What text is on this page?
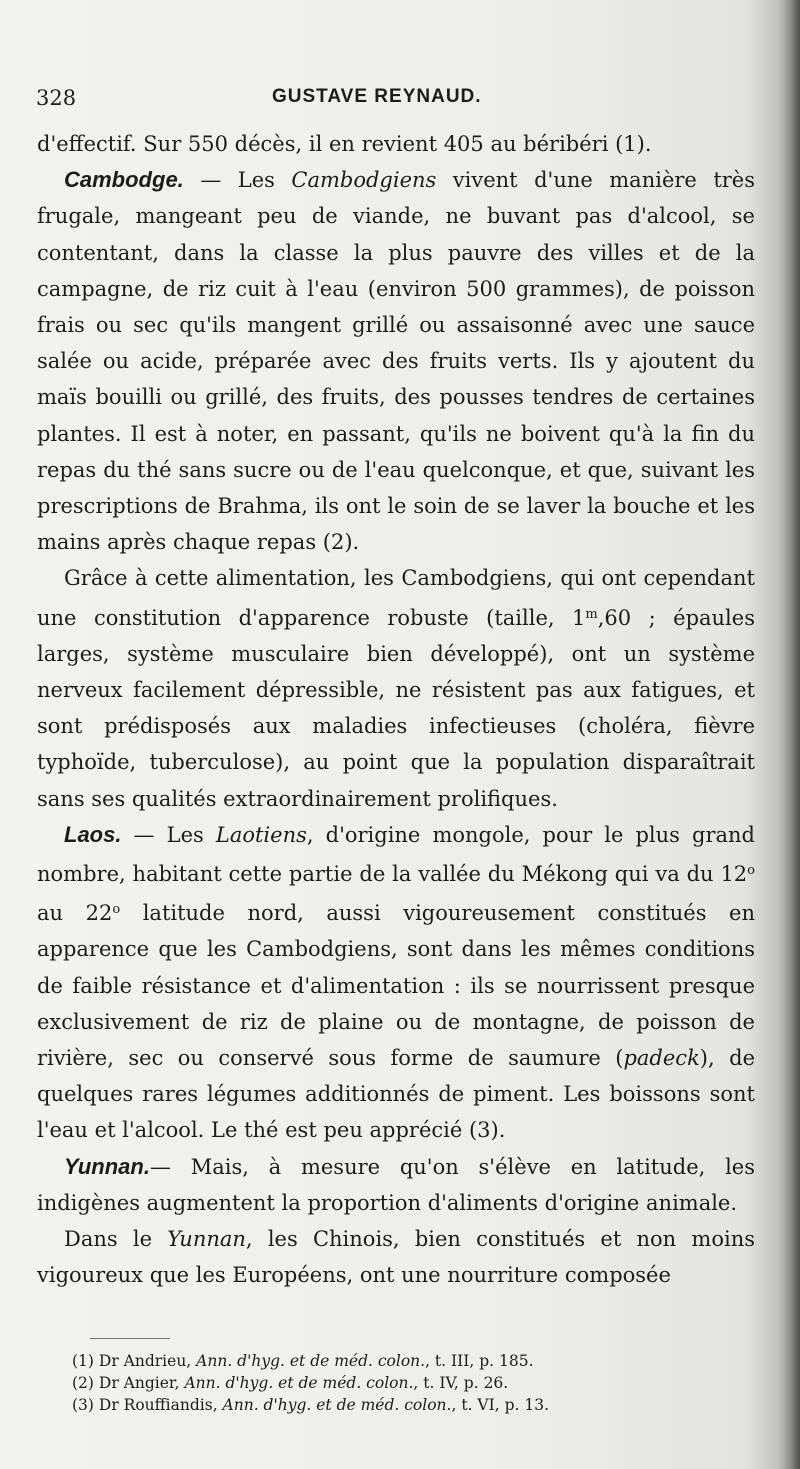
328	GUSTAVE REYNAUD.

d'effectif. Sur 550 décès, il en revient 405 au béribéri (1).

Cambodge. — Les Cambodgiens vivent d'une manière très frugale, mangeant peu de viande, ne buvant pas d'alcool, se contentant, dans la classe la plus pauvre des villes et de la campagne, de riz cuit à l'eau (environ 500 grammes), de poisson frais ou sec qu'ils mangent grillé ou assaisonné avec une sauce salée ou acide, préparée avec des fruits verts. Ils y ajoutent du maïs bouilli ou grillé, des fruits, des pousses tendres de certaines plantes. Il est à noter, en passant, qu'ils ne boivent qu'à la fin du repas du thé sans sucre ou de l'eau quelconque, et que, suivant les prescriptions de Brahma, ils ont le soin de se laver la bouche et les mains après chaque repas (2).

Grâce à cette alimentation, les Cambodgiens, qui ont cependant une constitution d'apparence robuste (taille, 1$^m$,60 ; épaules larges, système musculaire bien développé), ont un système nerveux facilement dépressible, ne résistent pas aux fatigues, et sont prédisposés aux maladies infectieuses (choléra, fièvre typhoïde, tuberculose), au point que la population disparaîtrait sans ses qualités extraordinairement prolifiques.

Laos. — Les Laotiens, d'origine mongole, pour le plus grand nombre, habitant cette partie de la vallée du Mékong qui va du 12$^o$ au 22$^o$ latitude nord, aussi vigoureusement constitués en apparence que les Cambodgiens, sont dans les mêmes conditions de faible résistance et d'alimentation : ils se nourrissent presque exclusivement de riz de plaine ou de montagne, de poisson de rivière, sec ou conservé sous forme de saumure (padeck), de quelques rares légumes additionnés de piment. Les boissons sont l'eau et l'alcool. Le thé est peu apprécié (3).

Yunnan.— Mais, à mesure qu'on s'élève en latitude, les indigènes augmentent la proportion d'aliments d'origine animale.

Dans le Yunnan, les Chinois, bien constitués et non moins vigoureux que les Européens, ont une nourriture composée

(1) Dr Andrieu, Ann. d'hyg. et de méd. colon., t. III, p. 185.
(2) Dr Angier, Ann. d'hyg. et de méd. colon., t. IV, p. 26.
(3) Dr Rouffiandis, Ann. d'hyg. et de méd. colon., t. VI, p. 13.
